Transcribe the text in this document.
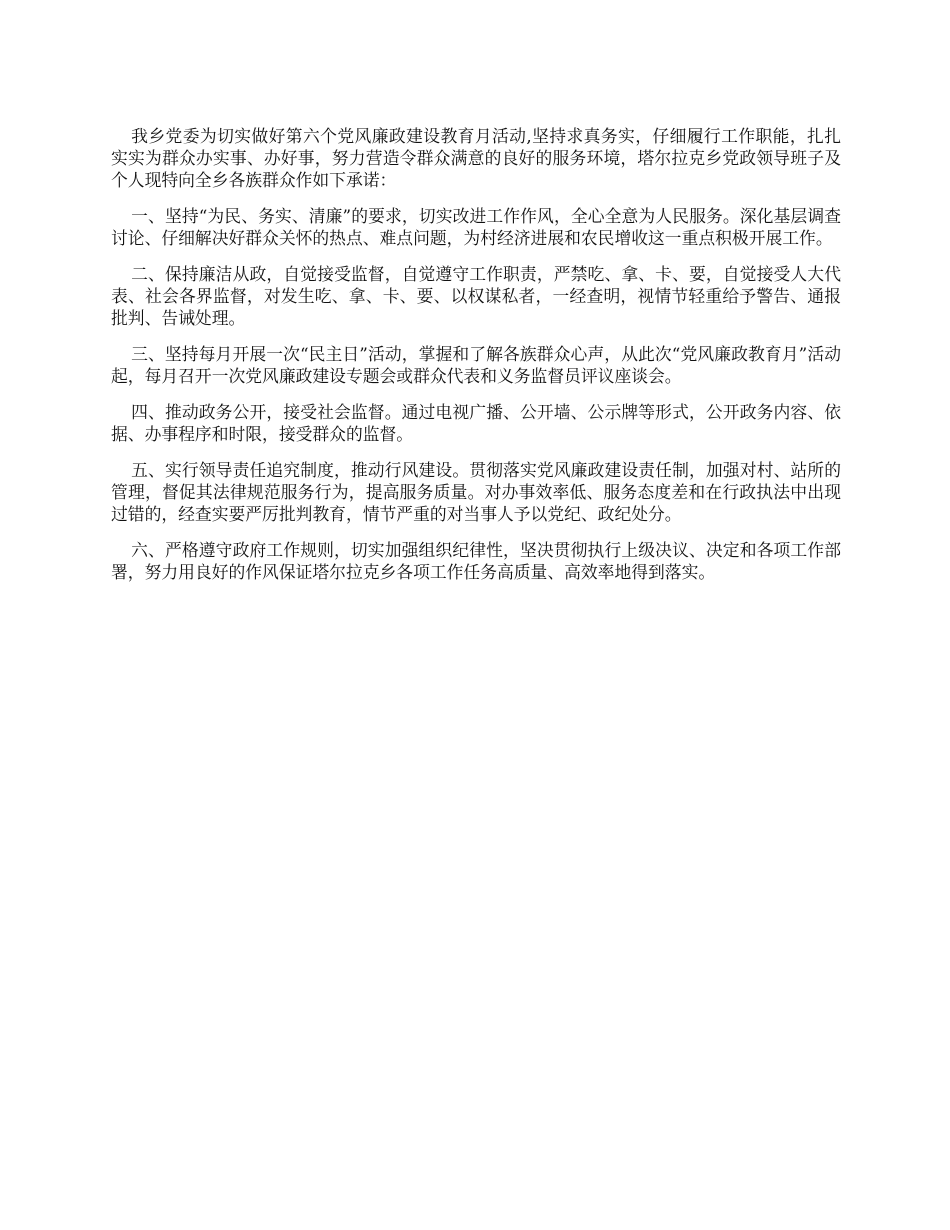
我乡党委为切实做好第六个党风廉政建设教育月活动,坚持求真务实，仔细履行工作职能，扎扎实实为群众办实事、办好事，努力营造令群众满意的良好的服务环境，塔尔拉克乡党政领导班子及个人现特向全乡各族群众作如下承诺：

一、坚持“为民、务实、清廉”的要求，切实改进工作作风，全心全意为人民服务。深化基层调查讨论、仔细解决好群众关怀的热点、难点问题，为村经济进展和农民增收这一重点积极开展工作。

二、保持廉洁从政，自觉接受监督，自觉遵守工作职责，严禁吃、拿、卡、要，自觉接受人大代表、社会各界监督，对发生吃、拿、卡、要、以权谋私者，一经查明，视情节轻重给予警告、通报批判、告诫处理。

三、坚持每月开展一次“民主日”活动，掌握和了解各族群众心声，从此次“党风廉政教育月”活动起，每月召开一次党风廉政建设专题会或群众代表和义务监督员评议座谈会。

四、推动政务公开，接受社会监督。通过电视广播、公开墙、公示牌等形式，公开政务内容、依据、办事程序和时限，接受群众的监督。

五、实行领导责任追究制度，推动行风建设。贯彻落实党风廉政建设责任制，加强对村、站所的管理，督促其法律规范服务行为，提高服务质量。对办事效率低、服务态度差和在行政执法中出现过错的，经查实要严厉批判教育，情节严重的对当事人予以党纪、政纪处分。

六、严格遵守政府工作规则，切实加强组织纪律性，坚决贯彻执行上级决议、决定和各项工作部署，努力用良好的作风保证塔尔拉克乡各项工作任务高质量、高效率地得到落实。
